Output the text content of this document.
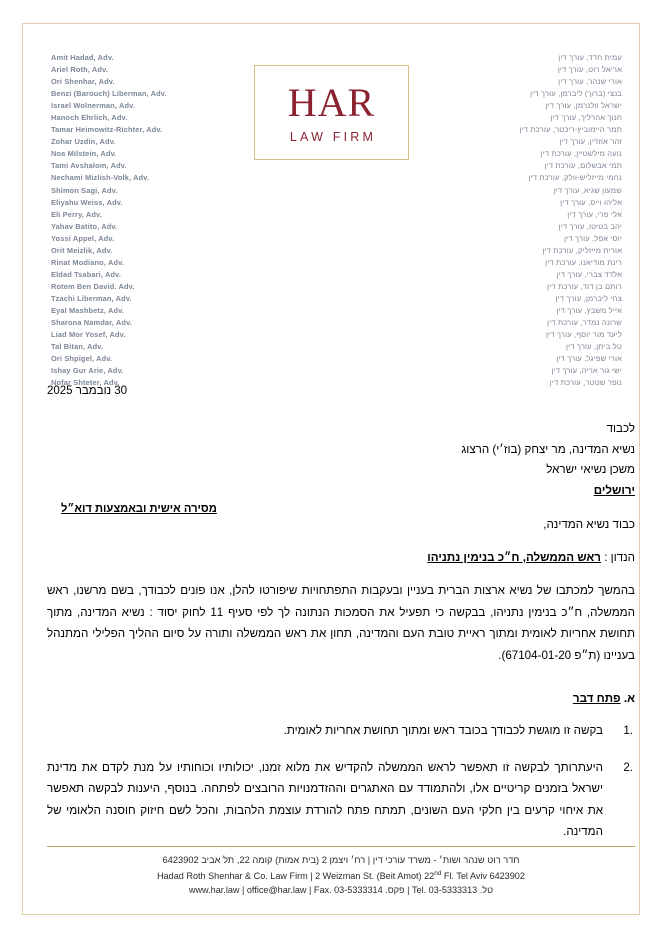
Amit Hadad, Adv.
Ariel Roth, Adv.
Ori Shenhar, Adv.
Benzi (Barouch) Liberman, Adv.
Israel Wolnerman, Adv.
Hanoch Ehrlich, Adv.
Tamar Heimowitz-Richter, Adv.
Zohar Uzdin, Adv.
Noa Milstein, Adv.
Tami Avshalom, Adv.
Nechami Mizlish-Volk, Adv.
Shimon Sagi, Adv.
Eliyahu Weiss, Adv.
Eli Perry, Adv.
Yahav Batito, Adv.
Yossi Appel, Adv.
Orit Meizlik, Adv.
Rinat Modiano, Adv.
Eldad Tsabari, Adv.
Rotem Ben David. Adv.
Tzachi Liberman, Adv.
Eyal Mashbetz, Adv.
Sharona Namdar, Adv.
Liad Mor Yosef, Adv.
Tal Bitan, Adv.
Ori Shpigel, Adv.
Ishay Gur Arie, Adv.
Nofar Shteter, Adv.
HAR
LAW FIRM
עמית חדד, עורך דין
אריאל רוט, עורך דין
אורי שנהר, עורך דין
בנצי (ברוך) ליברמן, עורך דין
ישראל וולנרמן, עורך דין
חנוך אהרליך, עורך דין
תמר היימוביץ-ריכטר, עורכת דין
זהר אוזדין, עורך דין
נועה מילשטיין, עורכת דין
תמי אבשלום, עורכת דין
נחמי מייזליש-וולק, עורכת דין
שמעון שגיא, עורך דין
אליהו וייס, עורך דין
אלי פרי, עורך דין
יהב בטיטו, עורך דין
יוסי אפל, עורך דין
אורית מייזליק, עורכת דין
רינת מודיאנו, עורכת דין
אלדד צברי, עורך דין
רותם בן דוד, עורכת דין
צחי ליברמן, עורך דין
אייל משבץ, עורך דין
שרונה נמדר, עורכת דין
ליעד מור יוסף, עורך דין
טל ביתן, עורך דין
אורי שפיגל, עורך דין
ישי גור אריה, עורך דין
נופר שטטר, עורכת דין
30 נובמבר 2025
מסירה אישית ובאמצעות דוא״ל
לכבוד
נשיא המדינה, מר יצחק (בוז׳י) הרצוג
משכן נשיאי ישראל
ירושלים
כבוד נשיא המדינה,
הנדון : ראש הממשלה, ח״כ בנימין נתניהו
בהמשך למכתבו של נשיא ארצות הברית בעניין ובעקבות התפתחויות שיפורטו להלן, אנו פונים לכבודך, בשם מרשנו, ראש הממשלה, ח״כ בנימין נתניהו, בבקשה כי תפעיל את הסמכות הנתונה לך לפי סעיף 11 לחוק יסוד : נשיא המדינה, מתוך תחושת אחריות לאומית ומתוך ראיית טובת העם והמדינה, תחון את ראש הממשלה ותורה על סיום ההליך הפלילי המתנהל בעניינו (ת״פ 67104-01-20).
א. פתח דבר
1.
בקשה זו מוגשת לכבודך בכובד ראש ומתוך תחושת אחריות לאומית.
2.
היעתרותך לבקשה זו תאפשר לראש הממשלה להקדיש את מלוא זמנו, יכולותיו וכוחותיו על מנת לקדם את מדינת ישראל בזמנים קריטיים אלו, ולהתמודד עם האתגרים וההזדמנויות הרובצים לפתחה. בנוסף, היענות לבקשה תאפשר את איחוי קרעים בין חלקי העם השונים, תמתח פתח להורדת עוצמת הלהבות, והכל לשם חיזוק חוסנה הלאומי של המדינה.
חדר רוט שנהר ושות׳ - משרד עורכי דין | רח׳ ויצמן 2 (בית אמות) קומה 22, תל אביב 6423902
Hadad Roth Shenhar & Co. Law Firm | 2 Weizman St. (Beit Amot) 22nd Fl. Tel Aviv 6423902
www.har.law | office@har.law | Fax. 03-5333314 .פקס | Tel. 03-5333313 .טל
